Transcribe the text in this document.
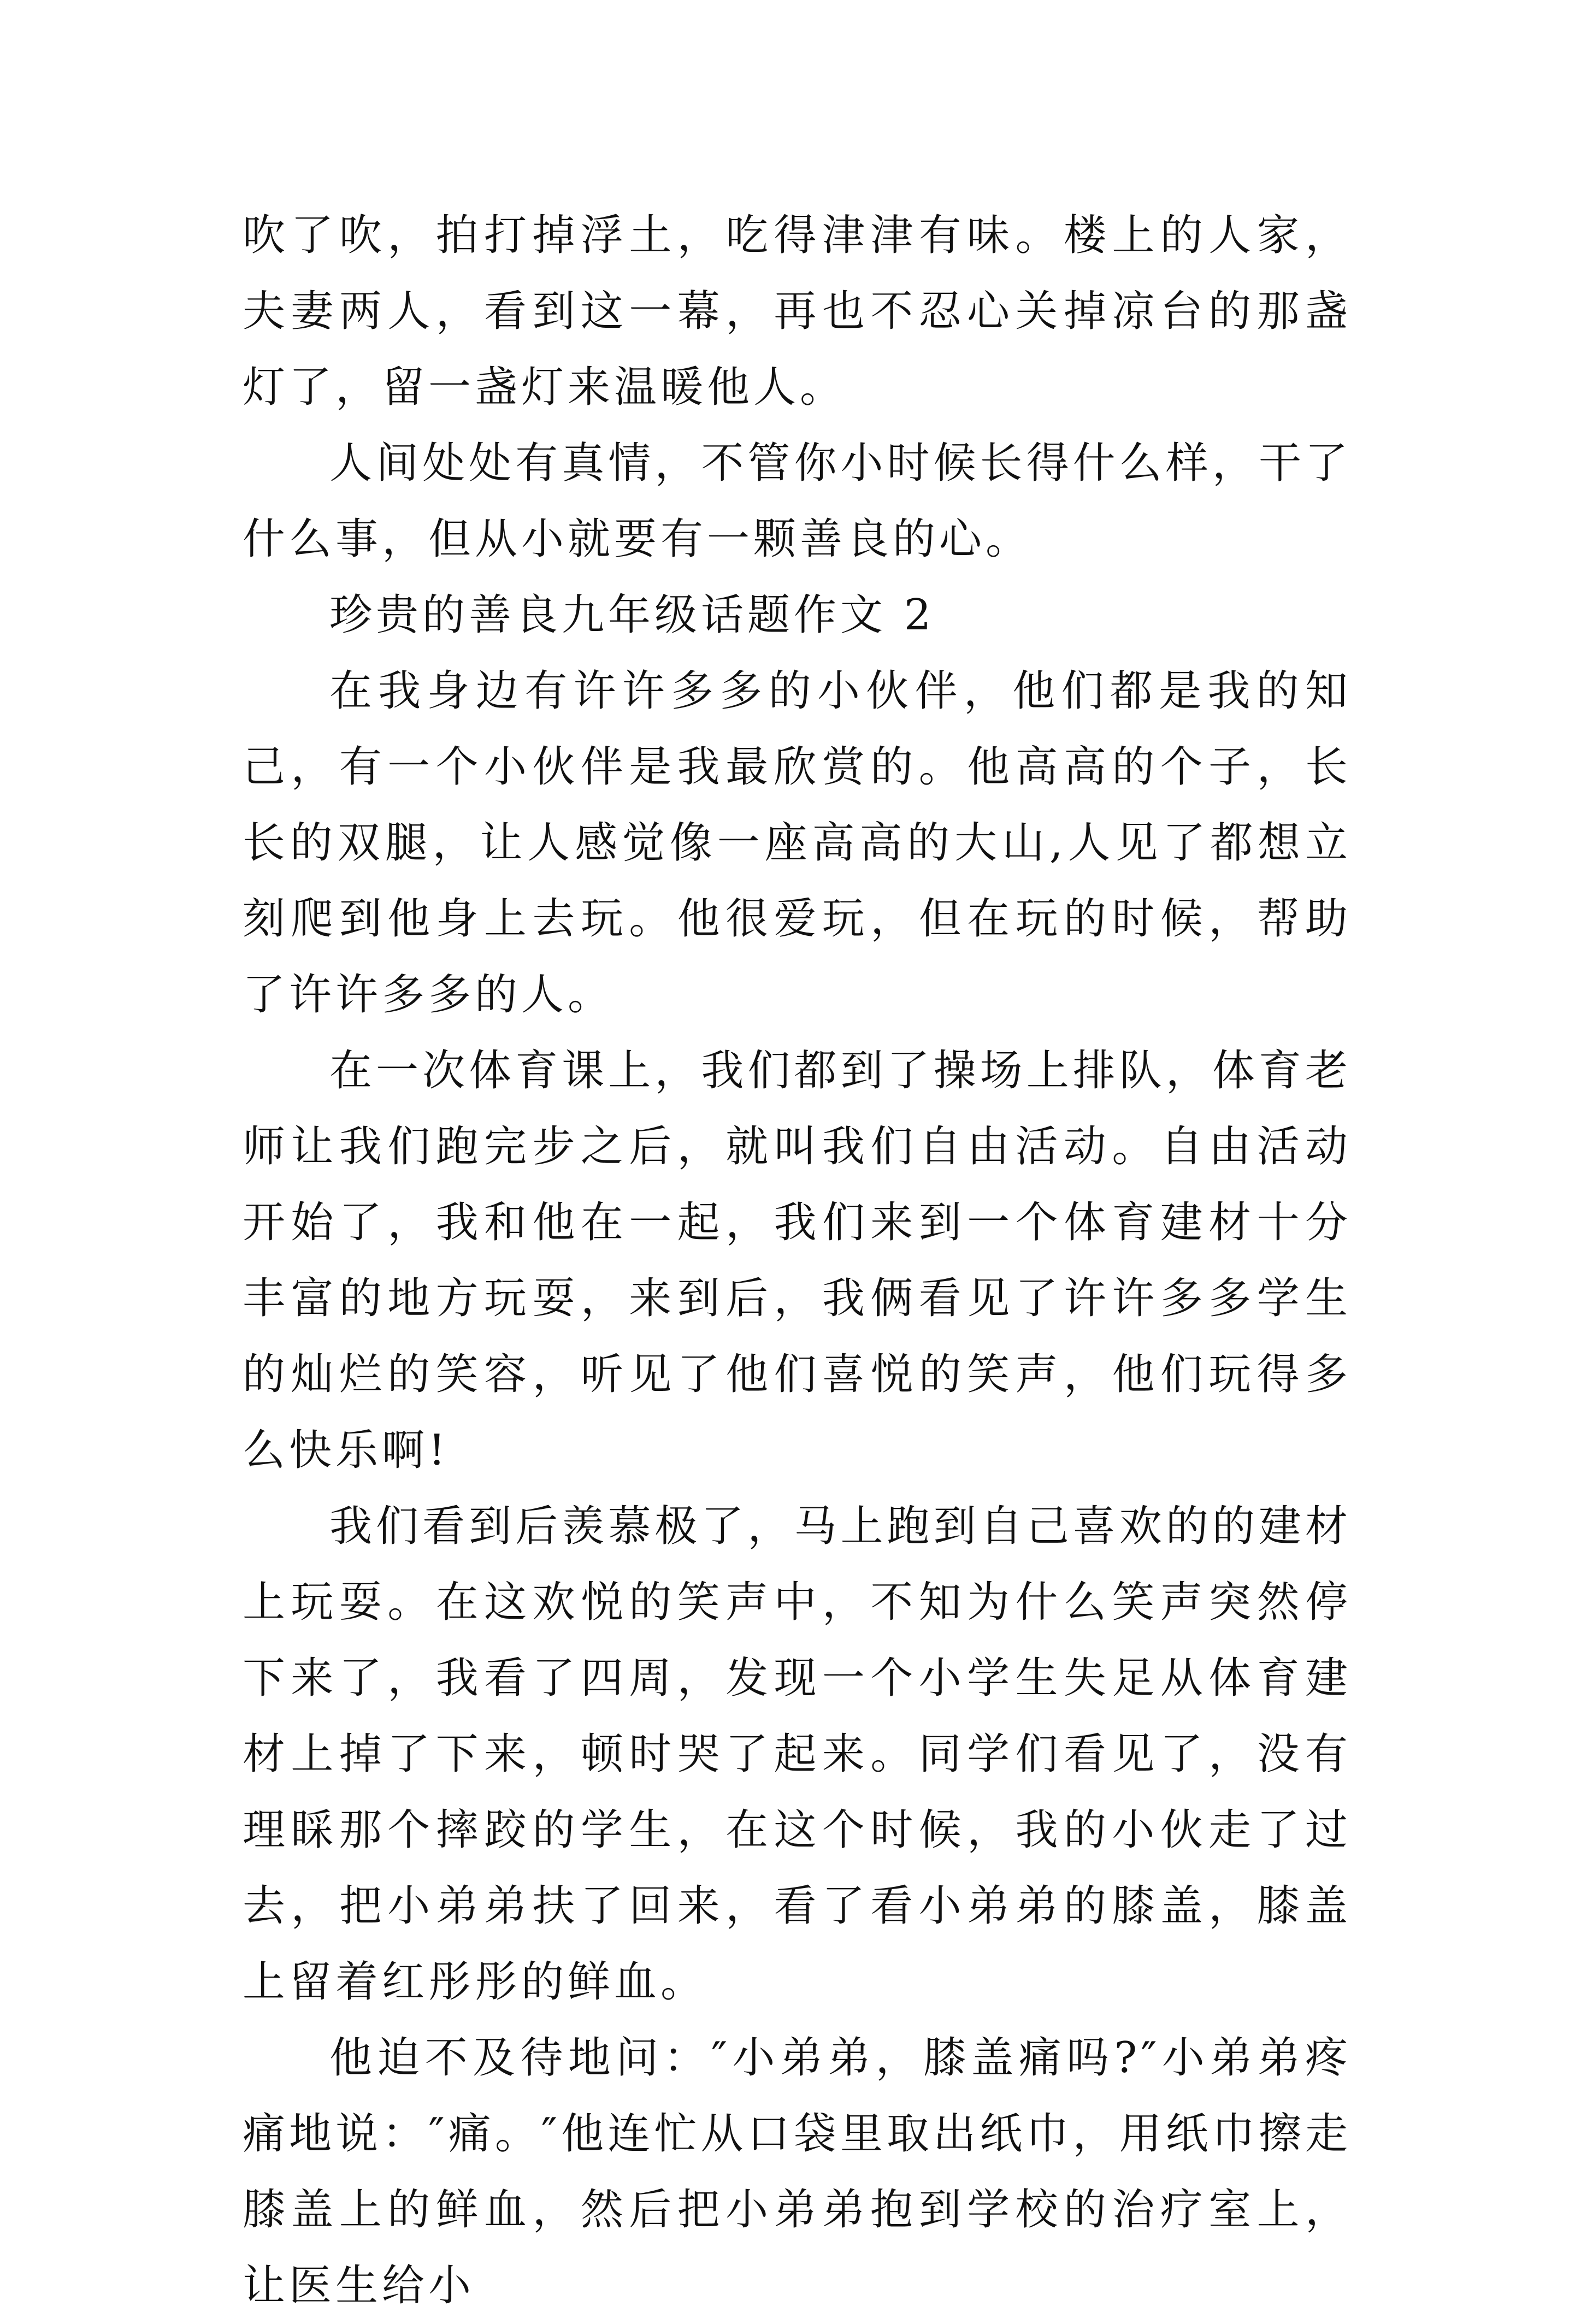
吹了吹，拍打掉浮土，吃得津津有味。楼上的人家，夫妻两人，看到这一幕，再也不忍心关掉凉台的那盏灯了，留一盏灯来温暖他人。

人间处处有真情，不管你小时候长得什么样，干了什么事，但从小就要有一颗善良的心。

珍贵的善良九年级话题作文 2

在我身边有许许多多的小伙伴，他们都是我的知己，有一个小伙伴是我最欣赏的。他高高的个子，长长的双腿，让人感觉像一座高高的大山,人见了都想立刻爬到他身上去玩。他很爱玩，但在玩的时候，帮助了许许多多的人。

在一次体育课上，我们都到了操场上排队，体育老师让我们跑完步之后，就叫我们自由活动。自由活动开始了，我和他在一起，我们来到一个体育建材十分丰富的地方玩耍，来到后，我俩看见了许许多多学生的灿烂的笑容，听见了他们喜悦的笑声，他们玩得多么快乐啊!

我们看到后羡慕极了，马上跑到自己喜欢的的建材上玩耍。在这欢悦的笑声中，不知为什么笑声突然停下来了，我看了四周，发现一个小学生失足从体育建材上掉了下来，顿时哭了起来。同学们看见了，没有理睬那个摔跤的学生，在这个时候，我的小伙走了过去，把小弟弟扶了回来，看了看小弟弟的膝盖，膝盖上留着红彤彤的鲜血。

他迫不及待地问：″小弟弟，膝盖痛吗?″小弟弟疼痛地说：″痛。″他连忙从口袋里取出纸巾，用纸巾擦走膝盖上的鲜血，然后把小弟弟抱到学校的治疗室上，让医生给小
